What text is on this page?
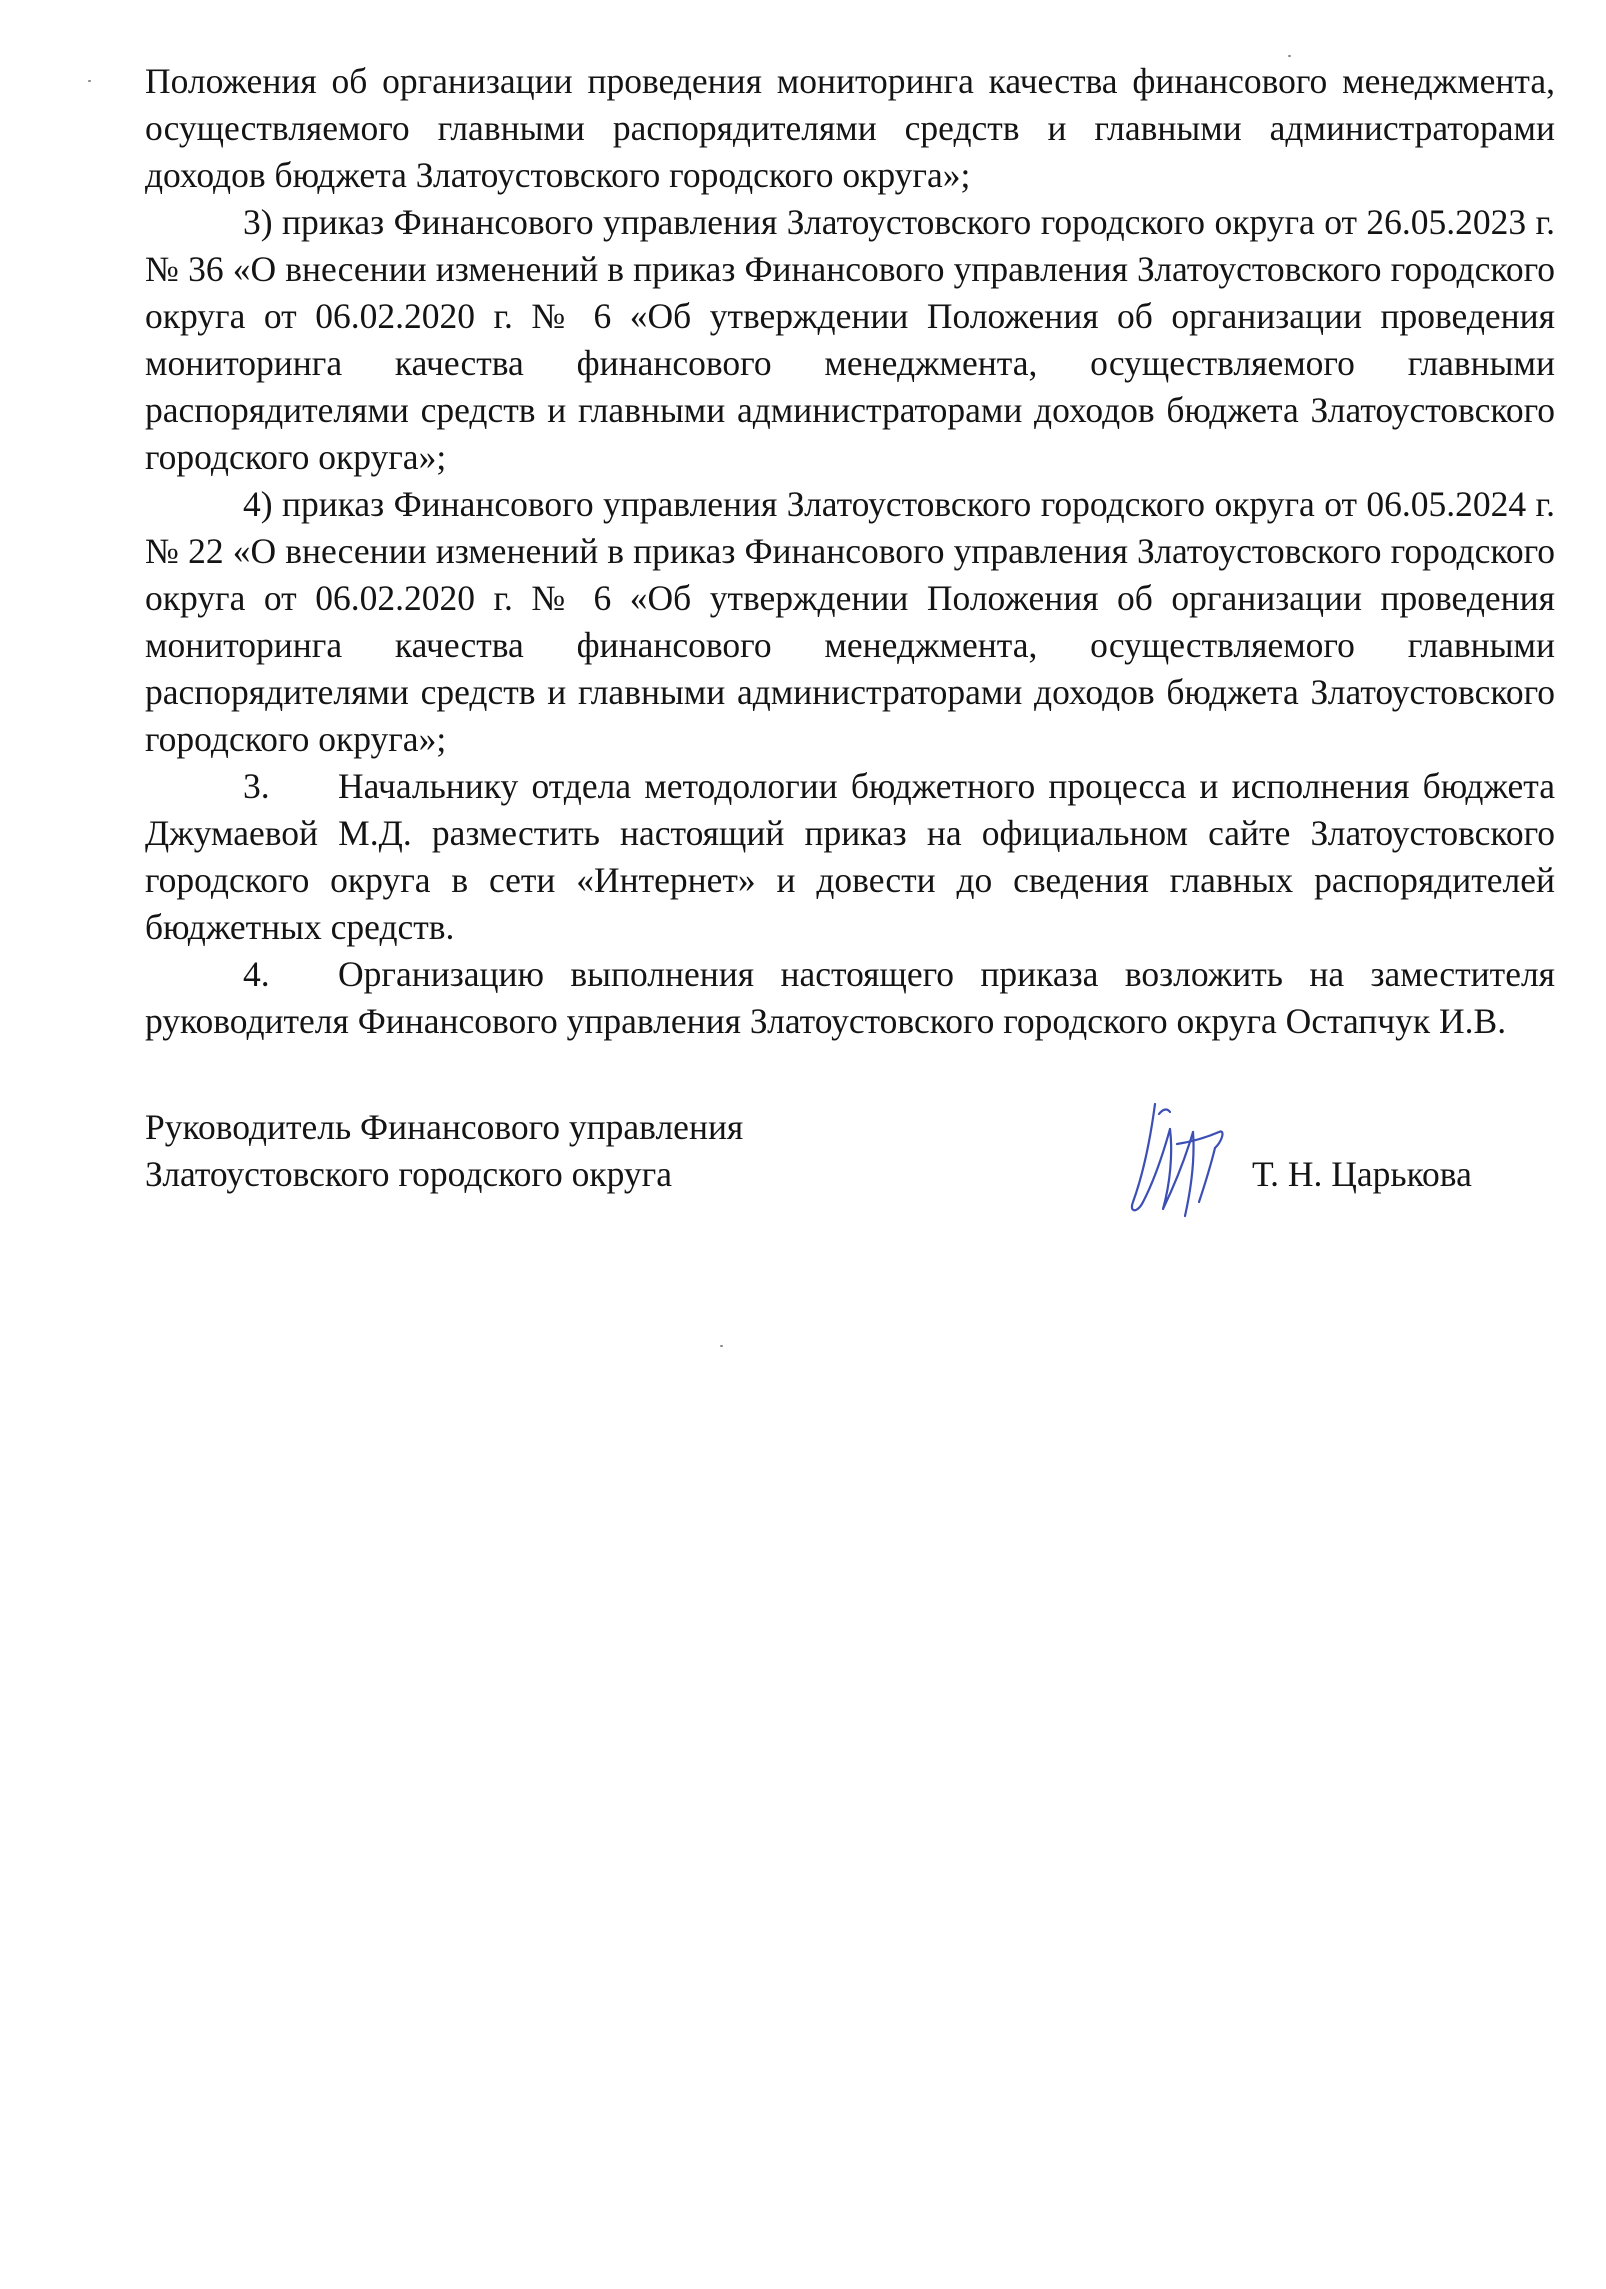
Положения об организации проведения мониторинга качества финансового менеджмента, осуществляемого главными распорядителями средств и главными администраторами доходов бюджета Златоустовского городского округа»;

3) приказ Финансового управления Златоустовского городского округа от 26.05.2023 г. № 36 «О внесении изменений в приказ Финансового управления Златоустовского городского округа от 06.02.2020 г. № 6 «Об утверждении Положения об организации проведения мониторинга качества финансового менеджмента, осуществляемого главными распорядителями средств и главными администраторами доходов бюджета Златоустовского городского округа»;

4) приказ Финансового управления Златоустовского городского округа от 06.05.2024 г. № 22 «О внесении изменений в приказ Финансового управления Златоустовского городского округа от 06.02.2020 г. № 6 «Об утверждении Положения об организации проведения мониторинга качества финансового менеджмента, осуществляемого главными распорядителями средств и главными администраторами доходов бюджета Златоустовского городского округа»;

3. Начальнику отдела методологии бюджетного процесса и исполнения бюджета Джумаевой М.Д. разместить настоящий приказ на официальном сайте Златоустовского городского округа в сети «Интернет» и довести до сведения главных распорядителей бюджетных средств.

4. Организацию выполнения настоящего приказа возложить на заместителя руководителя Финансового управления Златоустовского городского округа Остапчук И.В.

Руководитель Финансового управления
Златоустовского городского округа	Т. Н. Царькова
